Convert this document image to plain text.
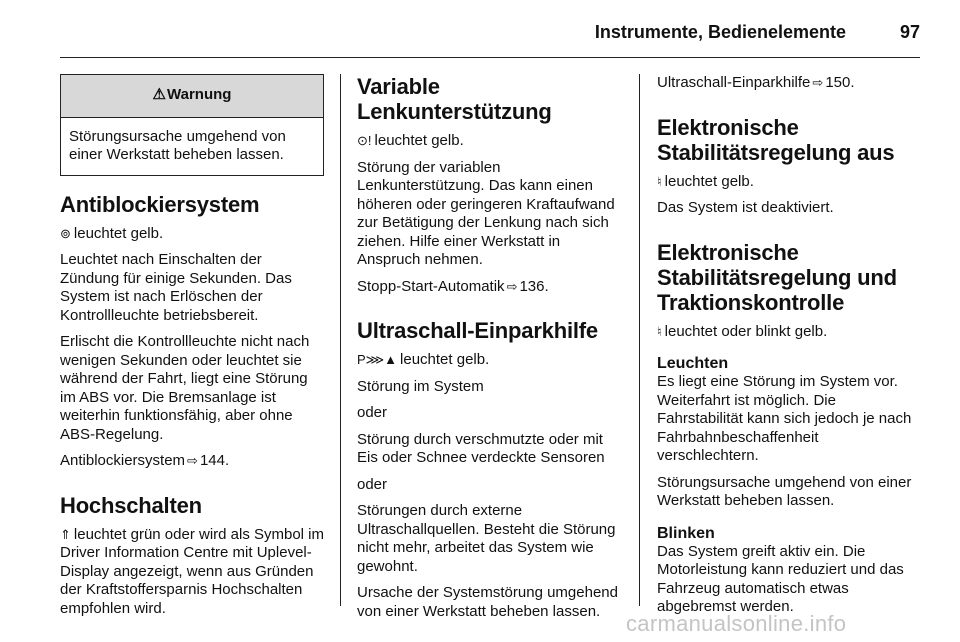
Instrumente, Bedienelemente	97
⚠Warnung
Störungsursache umgehend von einer Werkstatt beheben lassen.
Antiblockiersystem

⊚ leuchtet gelb.

Leuchtet nach Einschalten der Zündung für einige Sekunden. Das System ist nach Erlöschen der Kontrollleuchte betriebsbereit.

Erlischt die Kontrollleuchte nicht nach wenigen Sekunden oder leuchtet sie während der Fahrt, liegt eine Störung im ABS vor. Die Bremsanlage ist weiterhin funktionsfähig, aber ohne ABS-Regelung.

Antiblockiersystem ⇨ 144.

Hochschalten

⇑ leuchtet grün oder wird als Symbol im Driver Information Centre mit Uplevel-Display angezeigt, wenn aus Gründen der Kraftstoffersparnis Hochschalten empfohlen wird.

Variable Lenkunterstützung

⊙! leuchtet gelb.

Störung der variablen Lenkunterstützung. Das kann einen höheren oder geringeren Kraftaufwand zur Betätigung der Lenkung nach sich ziehen. Hilfe einer Werkstatt in Anspruch nehmen.

Stopp-Start-Automatik ⇨ 136.

Ultraschall-Einparkhilfe

P⋙▲ leuchtet gelb.

Störung im System

oder

Störung durch verschmutzte oder mit Eis oder Schnee verdeckte Sensoren

oder

Störungen durch externe Ultraschallquellen. Besteht die Störung nicht mehr, arbeitet das System wie gewohnt.

Ursache der Systemstörung umgehend von einer Werkstatt beheben lassen.

Ultraschall-Einparkhilfe ⇨ 150.

Elektronische Stabilitätsregelung aus

♮ leuchtet gelb.

Das System ist deaktiviert.

Elektronische Stabilitätsregelung und Traktionskontrolle

♮ leuchtet oder blinkt gelb.

Leuchten

Es liegt eine Störung im System vor. Weiterfahrt ist möglich. Die Fahrstabilität kann sich jedoch je nach Fahrbahnbeschaffenheit verschlechtern.

Störungsursache umgehend von einer Werkstatt beheben lassen.

Blinken

Das System greift aktiv ein. Die Motorleistung kann reduziert und das Fahrzeug automatisch etwas abgebremst werden.

carmanualsonline.info
